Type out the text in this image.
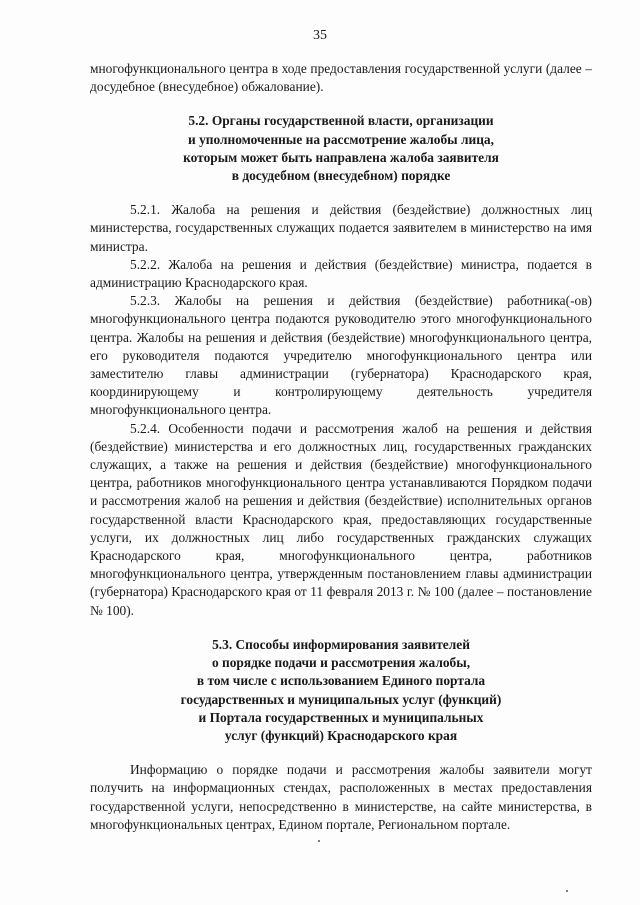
35

многофункционального центра в ходе предоставления государственной услуги (далее – досудебное (внесудебное) обжалование).

5.2. Органы государственной власти, организации
и уполномоченные на рассмотрение жалобы лица,
которым может быть направлена жалоба заявителя
в досудебном (внесудебном) порядке

5.2.1. Жалоба на решения и действия (бездействие) должностных лиц министерства, государственных служащих подается заявителем в министерство на имя министра.

5.2.2. Жалоба на решения и действия (бездействие) министра, подается в администрацию Краснодарского края.

5.2.3. Жалобы на решения и действия (бездействие) работника(-ов) многофункционального центра подаются руководителю этого многофункционального центра. Жалобы на решения и действия (бездействие) многофункционального центра, его руководителя подаются учредителю многофункционального центра или заместителю главы администрации (губернатора) Краснодарского края, координирующему и контролирующему деятельность учредителя многофункционального центра.

5.2.4. Особенности подачи и рассмотрения жалоб на решения и действия (бездействие) министерства и его должностных лиц, государственных гражданских служащих, а также на решения и действия (бездействие) многофункционального центра, работников многофункционального центра устанавливаются Порядком подачи и рассмотрения жалоб на решения и действия (бездействие) исполнительных органов государственной власти Краснодарского края, предоставляющих государственные услуги, их должностных лиц либо государственных гражданских служащих Краснодарского края, многофункционального центра, работников многофункционального центра, утвержденным постановлением главы администрации (губернатора) Краснодарского края от 11 февраля 2013 г. № 100 (далее – постановление № 100).

5.3. Способы информирования заявителей
о порядке подачи и рассмотрения жалобы,
в том числе с использованием Единого портала
государственных и муниципальных услуг (функций)
и Портала государственных и муниципальных
услуг (функций) Краснодарского края

Информацию о порядке подачи и рассмотрения жалобы заявители могут получить на информационных стендах, расположенных в местах предоставления государственной услуги, непосредственно в министерстве, на сайте министерства, в многофункциональных центрах, Едином портале, Региональном портале.
